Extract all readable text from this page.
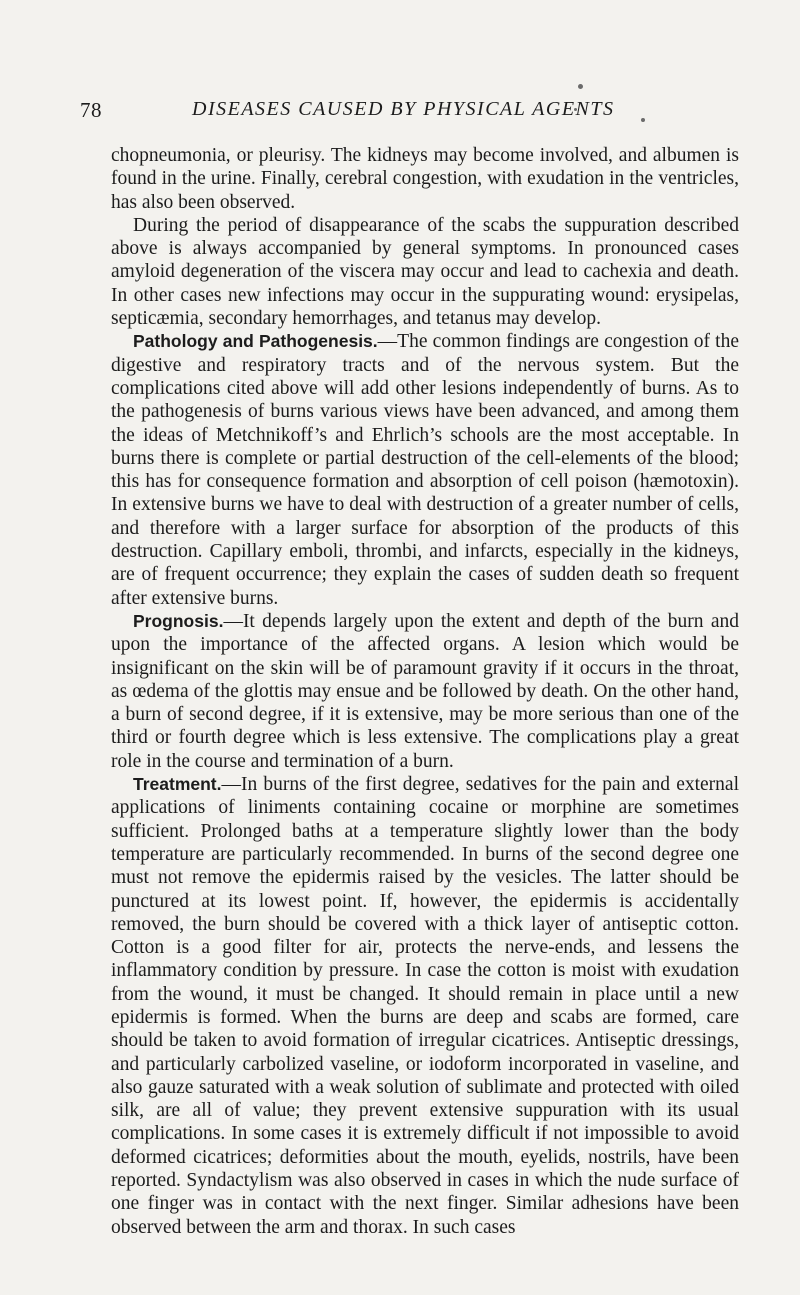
78	DISEASES CAUSED BY PHYSICAL AGENTS

chopneumonia, or pleurisy. The kidneys may become involved, and albumen is found in the urine. Finally, cerebral congestion, with exudation in the ventricles, has also been observed.

During the period of disappearance of the scabs the suppuration described above is always accompanied by general symptoms. In pronounced cases amyloid degeneration of the viscera may occur and lead to cachexia and death. In other cases new infections may occur in the suppurating wound: erysipelas, septicæmia, secondary hemorrhages, and tetanus may develop.

Pathology and Pathogenesis.—The common findings are congestion of the digestive and respiratory tracts and of the nervous system. But the complications cited above will add other lesions independently of burns. As to the pathogenesis of burns various views have been advanced, and among them the ideas of Metchnikoff’s and Ehrlich’s schools are the most acceptable. In burns there is complete or partial destruction of the cell-elements of the blood; this has for consequence formation and absorption of cell poison (hæmotoxin). In extensive burns we have to deal with destruction of a greater number of cells, and therefore with a larger surface for absorption of the products of this destruction. Capillary emboli, thrombi, and infarcts, especially in the kidneys, are of frequent occurrence; they explain the cases of sudden death so frequent after extensive burns.

Prognosis.—It depends largely upon the extent and depth of the burn and upon the importance of the affected organs. A lesion which would be insignificant on the skin will be of paramount gravity if it occurs in the throat, as œdema of the glottis may ensue and be followed by death. On the other hand, a burn of second degree, if it is extensive, may be more serious than one of the third or fourth degree which is less extensive. The complications play a great role in the course and termination of a burn.

Treatment.—In burns of the first degree, sedatives for the pain and external applications of liniments containing cocaine or morphine are sometimes sufficient. Prolonged baths at a temperature slightly lower than the body temperature are particularly recommended. In burns of the second degree one must not remove the epidermis raised by the vesicles. The latter should be punctured at its lowest point. If, however, the epidermis is accidentally removed, the burn should be covered with a thick layer of antiseptic cotton. Cotton is a good filter for air, protects the nerve-ends, and lessens the inflammatory condition by pressure. In case the cotton is moist with exudation from the wound, it must be changed. It should remain in place until a new epidermis is formed. When the burns are deep and scabs are formed, care should be taken to avoid formation of irregular cicatrices. Antiseptic dressings, and particularly carbolized vaseline, or iodoform incorporated in vaseline, and also gauze saturated with a weak solution of sublimate and protected with oiled silk, are all of value; they prevent extensive suppuration with its usual complications. In some cases it is extremely difficult if not impossible to avoid deformed cicatrices; deformities about the mouth, eyelids, nostrils, have been reported. Syndactylism was also observed in cases in which the nude surface of one finger was in contact with the next finger. Similar adhesions have been observed between the arm and thorax. In such cases
